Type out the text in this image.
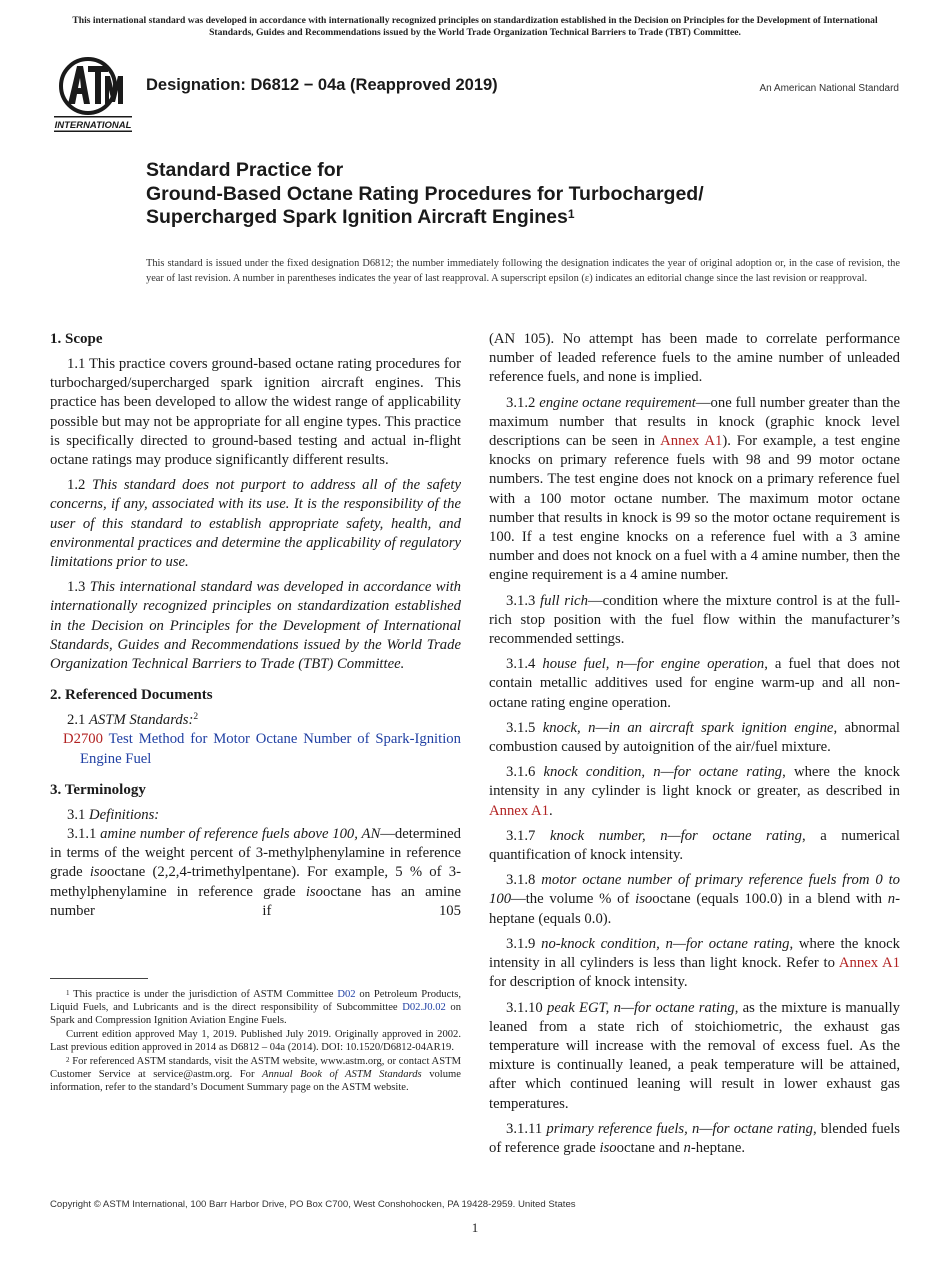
This international standard was developed in accordance with internationally recognized principles on standardization established in the Decision on Principles for the Development of International Standards, Guides and Recommendations issued by the World Trade Organization Technical Barriers to Trade (TBT) Committee.
INTERNATIONAL
Designation: D6812 − 04a (Reapproved 2019)	An American National Standard
Standard Practice for
Ground-Based Octane Rating Procedures for Turbocharged/
Supercharged Spark Ignition Aircraft Engines$^1$
This standard is issued under the fixed designation D6812; the number immediately following the designation indicates the year of original adoption or, in the case of revision, the year of last revision. A number in parentheses indicates the year of last reapproval. A superscript epsilon (ε) indicates an editorial change since the last revision or reapproval.
1. Scope

1.1 This practice covers ground-based octane rating procedures for turbocharged/supercharged spark ignition aircraft engines. This practice has been developed to allow the widest range of applicability possible but may not be appropriate for all engine types. This practice is specifically directed to ground-based testing and actual in-flight octane ratings may produce significantly different results.

1.2 This standard does not purport to address all of the safety concerns, if any, associated with its use. It is the responsibility of the user of this standard to establish appropriate safety, health, and environmental practices and determine the applicability of regulatory limitations prior to use.

1.3 This international standard was developed in accordance with internationally recognized principles on standardization established in the Decision on Principles for the Development of International Standards, Guides and Recommendations issued by the World Trade Organization Technical Barriers to Trade (TBT) Committee.

2. Referenced Documents

2.1 ASTM Standards:$^2$

D2700 Test Method for Motor Octane Number of Spark-Ignition Engine Fuel

3. Terminology

3.1 Definitions:

3.1.1 amine number of reference fuels above 100, AN—determined in terms of the weight percent of 3-methylphenylamine in reference grade isooctane (2,2,4-trimethylpentane). For example, 5 % of 3-methylphenylamine in reference grade isooctane has an amine number if 105

(AN 105). No attempt has been made to correlate performance number of leaded reference fuels to the amine number of unleaded reference fuels, and none is implied.

3.1.2 engine octane requirement—one full number greater than the maximum number that results in knock (graphic knock level descriptions can be seen in Annex A1). For example, a test engine knocks on primary reference fuels with 98 and 99 motor octane numbers. The test engine does not knock on a primary reference fuel with a 100 motor octane number. The maximum motor octane number that results in knock is 99 so the motor octane requirement is 100. If a test engine knocks on a reference fuel with a 3 amine number and does not knock on a fuel with a 4 amine number, then the engine requirement is a 4 amine number.

3.1.3 full rich—condition where the mixture control is at the full-rich stop position with the fuel flow within the manufacturer’s recommended settings.

3.1.4 house fuel, n—for engine operation, a fuel that does not contain metallic additives used for engine warm-up and all non-octane rating engine operation.

3.1.5 knock, n—in an aircraft spark ignition engine, abnormal combustion caused by autoignition of the air/fuel mixture.

3.1.6 knock condition, n—for octane rating, where the knock intensity in any cylinder is light knock or greater, as described in Annex A1.

3.1.7 knock number, n—for octane rating, a numerical quantification of knock intensity.

3.1.8 motor octane number of primary reference fuels from 0 to 100—the volume % of isooctane (equals 100.0) in a blend with n-heptane (equals 0.0).

3.1.9 no-knock condition, n—for octane rating, where the knock intensity in all cylinders is less than light knock. Refer to Annex A1 for description of knock intensity.

3.1.10 peak EGT, n—for octane rating, as the mixture is manually leaned from a state rich of stoichiometric, the exhaust gas temperature will increase with the removal of excess fuel. As the mixture is continually leaned, a peak temperature will be attained, after which continued leaning will result in lower exhaust gas temperatures.

3.1.11 primary reference fuels, n—for octane rating, blended fuels of reference grade isooctane and n-heptane.

$^1$ This practice is under the jurisdiction of ASTM Committee D02 on Petroleum Products, Liquid Fuels, and Lubricants and is the direct responsibility of Subcommittee D02.J0.02 on Spark and Compression Ignition Aviation Engine Fuels.

Current edition approved May 1, 2019. Published July 2019. Originally approved in 2002. Last previous edition approved in 2014 as D6812 – 04a (2014). DOI: 10.1520/D6812-04AR19.

$^2$ For referenced ASTM standards, visit the ASTM website, www.astm.org, or contact ASTM Customer Service at service@astm.org. For Annual Book of ASTM Standards volume information, refer to the standard’s Document Summary page on the ASTM website.

Copyright © ASTM International, 100 Barr Harbor Drive, PO Box C700, West Conshohocken, PA 19428-2959. United States
1
